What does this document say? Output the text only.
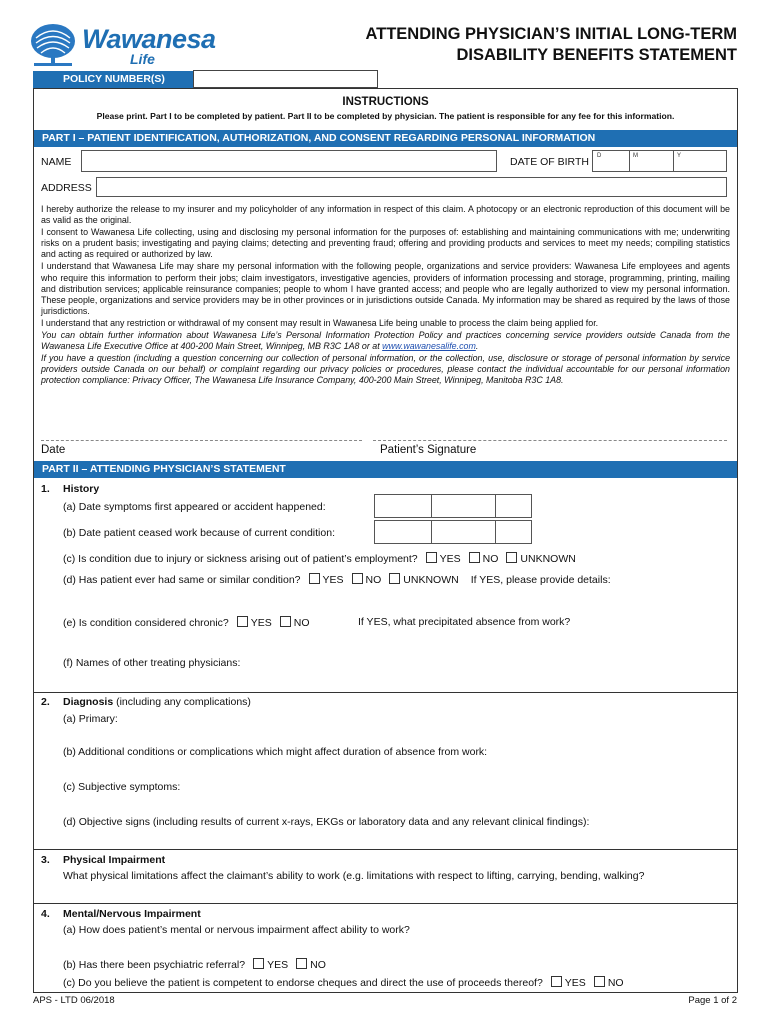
Wawanesa
Life
ATTENDING PHYSICIAN’S INITIAL LONG-TERM
DISABILITY BENEFITS STATEMENT
POLICY NUMBER(S)
INSTRUCTIONS
Please print. Part I to be completed by patient. Part II to be completed by physician. The patient is responsible for any fee for this information.
PART I – PATIENT IDENTIFICATION, AUTHORIZATION, AND CONSENT REGARDING PERSONAL INFORMATION
NAME	DATE OF BIRTH D	M	Y
ADDRESS

I hereby authorize the release to my insurer and my policyholder of any information in respect of this claim. A photocopy or an electronic reproduction of this document will be as valid as the original.

I consent to Wawanesa Life collecting, using and disclosing my personal information for the purposes of: establishing and maintaining communications with me; underwriting risks on a prudent basis; investigating and paying claims; detecting and preventing fraud; offering and providing products and services to meet my needs; compiling statistics and acting as required or authorized by law.

I understand that Wawanesa Life may share my personal information with the following people, organizations and service providers: Wawanesa Life employees and agents who require this information to perform their jobs; claim investigators, investigative agencies, providers of information processing and storage, programming, printing, mailing and distribution services; applicable reinsurance companies; people to whom I have granted access; and people who are legally authorized to view my personal information. These people, organizations and service providers may be in other provinces or in jurisdictions outside Canada. My information may be shared as required by the laws of those jurisdictions.

I understand that any restriction or withdrawal of my consent may result in Wawanesa Life being unable to process the claim being applied for.

You can obtain further information about Wawanesa Life’s Personal Information Protection Policy and practices concerning service providers outside Canada from the Wawanesa Life Executive Office at 400-200 Main Street, Winnipeg, MB R3C 1A8 or at www.wawanesalife.com.

If you have a question (including a question concerning our collection of personal information, or the collection, use, disclosure or storage of personal information by service providers outside Canada on our behalf) or complaint regarding our privacy policies or procedures, please contact the individual accountable for our personal information protection compliance: Privacy Officer, The Wawanesa Life Insurance Company, 400-200 Main Street, Winnipeg, Manitoba R3C 1A8.

Date	Patient’s Signature
PART II – ATTENDING PHYSICIAN’S STATEMENT
1. History
(a) Date symptoms first appeared or accident happened:
(b) Date patient ceased work because of current condition:
(c) Is condition due to injury or sickness arising out of patient’s employment? YES NO UNKNOWN
(d) Has patient ever had same or similar condition? YES NO UNKNOWN If YES, please provide details:
(e) Is condition considered chronic? YES NO	If YES, what precipitated absence from work?
(f) Names of other treating physicians:
2. Diagnosis (including any complications)
(a) Primary:
(b) Additional conditions or complications which might affect duration of absence from work:
(c) Subjective symptoms:
(d) Objective signs (including results of current x-rays, EKGs or laboratory data and any relevant clinical findings):
3. Physical Impairment
What physical limitations affect the claimant’s ability to work (e.g. limitations with respect to lifting, carrying, bending, walking?
4. Mental/Nervous Impairment
(a) How does patient’s mental or nervous impairment affect ability to work?
(b) Has there been psychiatric referral? YES NO
(c) Do you believe the patient is competent to endorse cheques and direct the use of proceeds thereof? YES NO
APS - LTD 06/2018	Page 1 of 2
